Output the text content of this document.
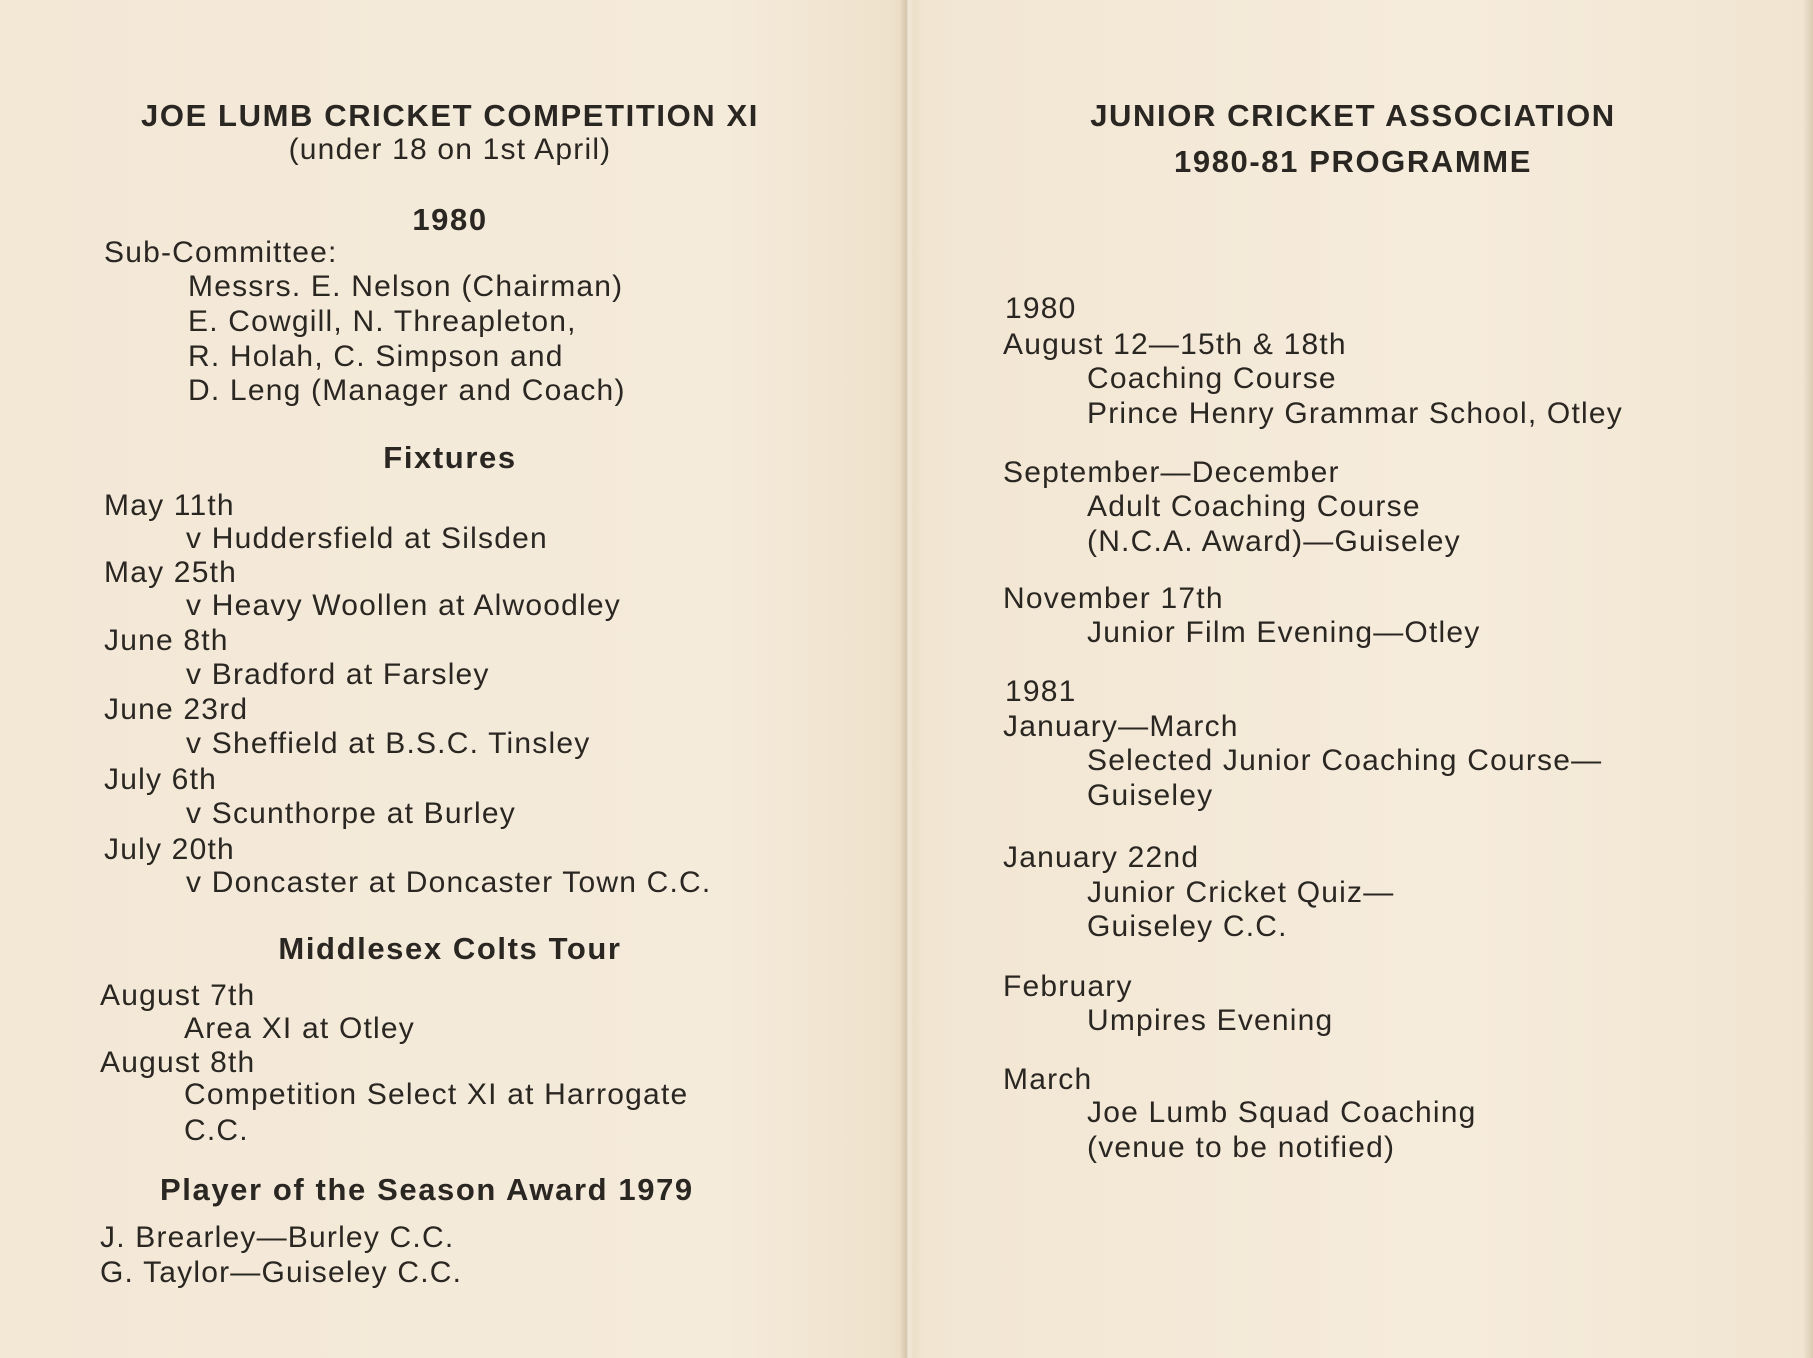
JOE LUMB CRICKET COMPETITION XI
(under 18 on 1st April)
1980
Sub-Committee:
Messrs. E. Nelson (Chairman)
E. Cowgill, N. Threapleton,
R. Holah, C. Simpson and
D. Leng (Manager and Coach)
Fixtures
May 11th
v Huddersfield at Silsden
May 25th
v Heavy Woollen at Alwoodley
June 8th
v Bradford at Farsley
June 23rd
v Sheffield at B.S.C. Tinsley
July 6th
v Scunthorpe at Burley
July 20th
v Doncaster at Doncaster Town C.C.
Middlesex Colts Tour
August 7th
Area XI at Otley
August 8th
Competition Select XI at Harrogate
C.C.
Player of the Season Award 1979
J. Brearley—Burley C.C.
G. Taylor—Guiseley C.C.
JUNIOR CRICKET ASSOCIATION
1980-81 PROGRAMME
1980
August 12—15th & 18th
Coaching Course
Prince Henry Grammar School, Otley
September—December
Adult Coaching Course
(N.C.A. Award)—Guiseley
November 17th
Junior Film Evening—Otley
1981
January—March
Selected Junior Coaching Course—
Guiseley
January 22nd
Junior Cricket Quiz—
Guiseley C.C.
February
Umpires Evening
March
Joe Lumb Squad Coaching
(venue to be notified)
